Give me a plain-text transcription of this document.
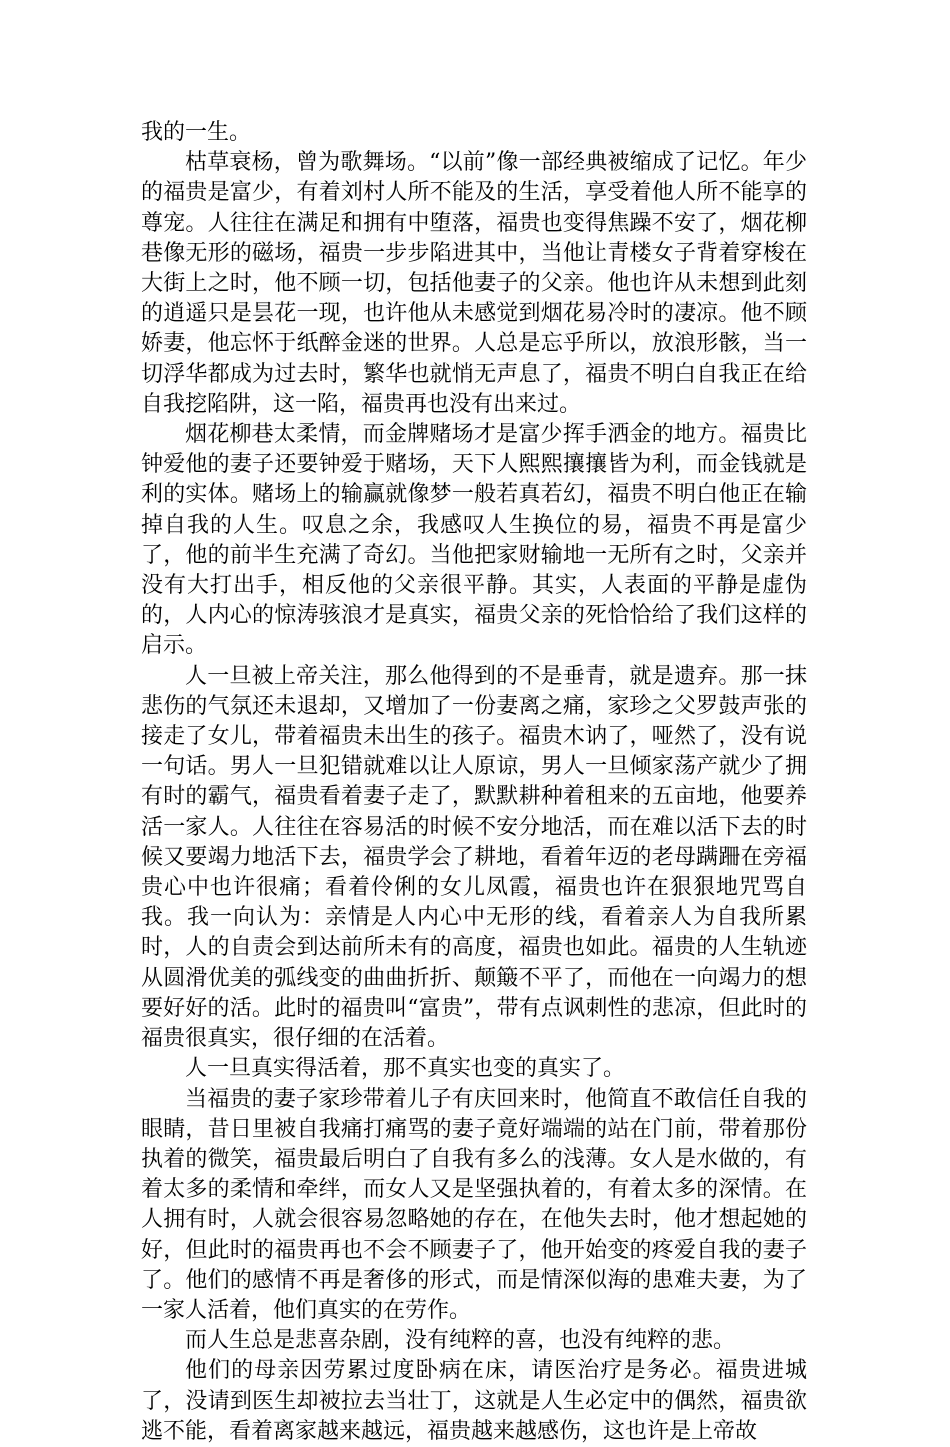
我的一生。

枯草衰杨，曾为歌舞场。“以前”像一部经典被缩成了记忆。年少的福贵是富少，有着刘村人所不能及的生活，享受着他人所不能享的尊宠。人往往在满足和拥有中堕落，福贵也变得焦躁不安了，烟花柳巷像无形的磁场，福贵一步步陷进其中，当他让青楼女子背着穿梭在大街上之时，他不顾一切，包括他妻子的父亲。他也许从未想到此刻的逍遥只是昙花一现，也许他从未感觉到烟花易冷时的凄凉。他不顾娇妻，他忘怀于纸醉金迷的世界。人总是忘乎所以，放浪形骸，当一切浮华都成为过去时，繁华也就悄无声息了，福贵不明白自我正在给自我挖陷阱，这一陷，福贵再也没有出来过。

烟花柳巷太柔情，而金牌赌场才是富少挥手洒金的地方。福贵比钟爱他的妻子还要钟爱于赌场，天下人熙熙攘攘皆为利，而金钱就是利的实体。赌场上的输赢就像梦一般若真若幻，福贵不明白他正在输掉自我的人生。叹息之余，我感叹人生换位的易，福贵不再是富少了，他的前半生充满了奇幻。当他把家财输地一无所有之时，父亲并没有大打出手，相反他的父亲很平静。其实，人表面的平静是虚伪的，人内心的惊涛骇浪才是真实，福贵父亲的死恰恰给了我们这样的启示。

人一旦被上帝关注，那么他得到的不是垂青，就是遗弃。那一抹悲伤的气氛还未退却，又增加了一份妻离之痛，家珍之父罗鼓声张的接走了女儿，带着福贵未出生的孩子。福贵木讷了，哑然了，没有说一句话。男人一旦犯错就难以让人原谅，男人一旦倾家荡产就少了拥有时的霸气，福贵看着妻子走了，默默耕种着租来的五亩地，他要养活一家人。人往往在容易活的时候不安分地活，而在难以活下去的时候又要竭力地活下去，福贵学会了耕地，看着年迈的老母蹒跚在旁福贵心中也许很痛；看着伶俐的女儿凤霞，福贵也许在狠狠地咒骂自我。我一向认为：亲情是人内心中无形的线，看着亲人为自我所累时，人的自责会到达前所未有的高度，福贵也如此。福贵的人生轨迹从圆滑优美的弧线变的曲曲折折、颠簸不平了，而他在一向竭力的想要好好的活。此时的福贵叫“富贵”，带有点讽刺性的悲凉，但此时的福贵很真实，很仔细的在活着。

人一旦真实得活着，那不真实也变的真实了。

当福贵的妻子家珍带着儿子有庆回来时，他简直不敢信任自我的眼睛，昔日里被自我痛打痛骂的妻子竟好端端的站在门前，带着那份执着的微笑，福贵最后明白了自我有多么的浅薄。女人是水做的，有着太多的柔情和牵绊，而女人又是坚强执着的，有着太多的深情。在人拥有时，人就会很容易忽略她的存在，在他失去时，他才想起她的好，但此时的福贵再也不会不顾妻子了，他开始变的疼爱自我的妻子了。他们的感情不再是奢侈的形式，而是情深似海的患难夫妻，为了一家人活着，他们真实的在劳作。

而人生总是悲喜杂剧，没有纯粹的喜，也没有纯粹的悲。

他们的母亲因劳累过度卧病在床，请医治疗是务必。福贵进城了，没请到医生却被拉去当壮丁，这就是人生必定中的偶然，福贵欲逃不能，看着离家越来越远，福贵越来越感伤，这也许是上帝故
